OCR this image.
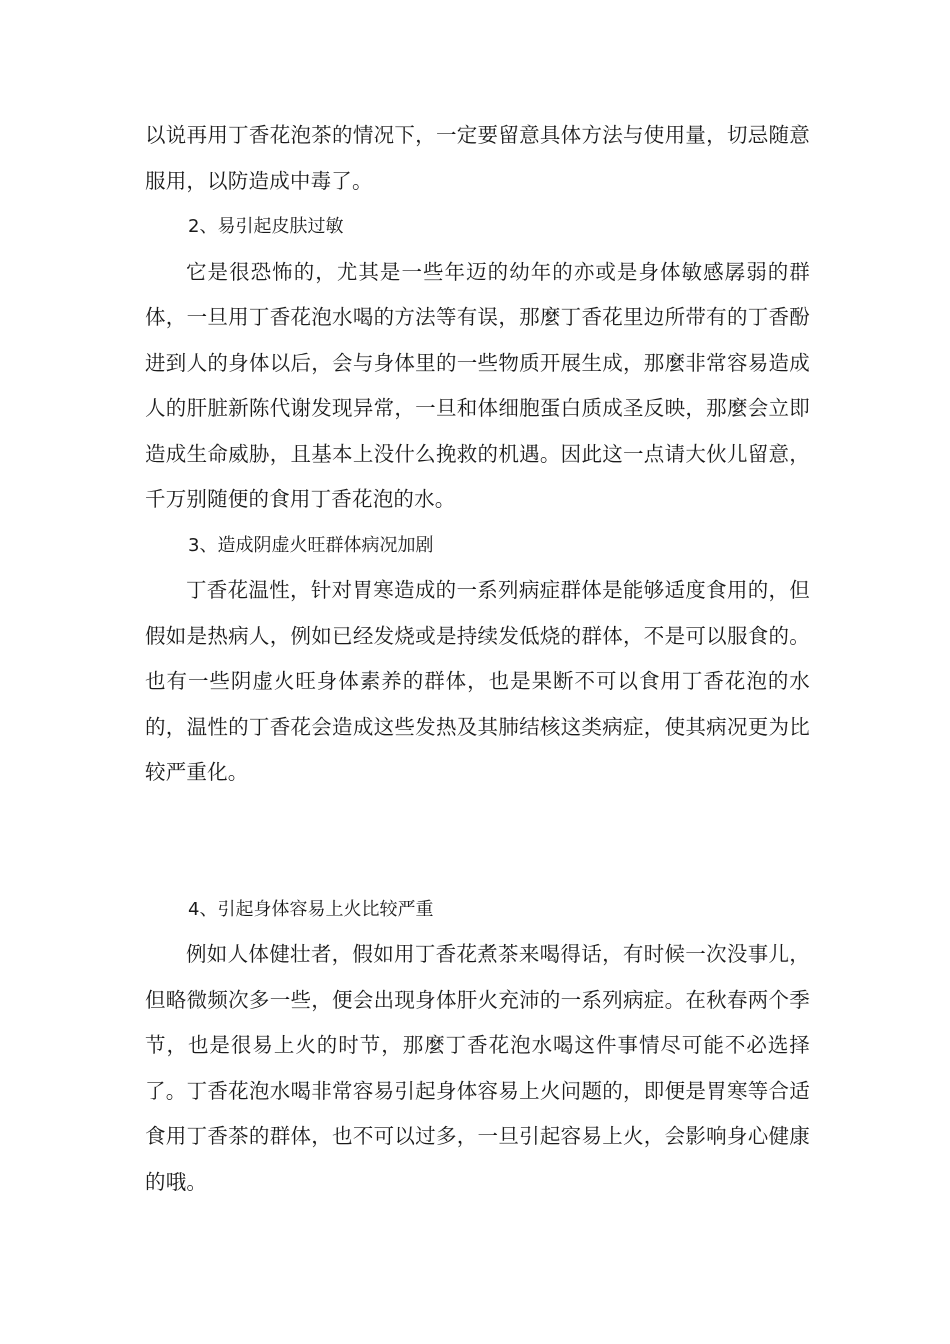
以说再用丁香花泡茶的情况下，一定要留意具体方法与使用量，切忌随意服用，以防造成中毒了。

2、易引起皮肤过敏

它是很恐怖的，尤其是一些年迈的幼年的亦或是身体敏感孱弱的群体，一旦用丁香花泡水喝的方法等有误，那麼丁香花里边所带有的丁香酚进到人的身体以后，会与身体里的一些物质开展生成，那麼非常容易造成人的肝脏新陈代谢发现异常，一旦和体细胞蛋白质成圣反映，那麼会立即造成生命威胁，且基本上没什么挽救的机遇。因此这一点请大伙儿留意，千万别随便的食用丁香花泡的水。

3、造成阴虚火旺群体病况加剧

丁香花温性，针对胃寒造成的一系列病症群体是能够适度食用的，但假如是热病人，例如已经发烧或是持续发低烧的群体，不是可以服食的。也有一些阴虚火旺身体素养的群体，也是果断不可以食用丁香花泡的水的，温性的丁香花会造成这些发热及其肺结核这类病症，使其病况更为比较严重化。

4、引起身体容易上火比较严重

例如人体健壮者，假如用丁香花煮茶来喝得话，有时候一次没事儿，但略微频次多一些，便会出现身体肝火充沛的一系列病症。在秋春两个季节，也是很易上火的时节，那麼丁香花泡水喝这件事情尽可能不必选择了。丁香花泡水喝非常容易引起身体容易上火问题的，即便是胃寒等合适食用丁香茶的群体，也不可以过多，一旦引起容易上火，会影响身心健康的哦。
